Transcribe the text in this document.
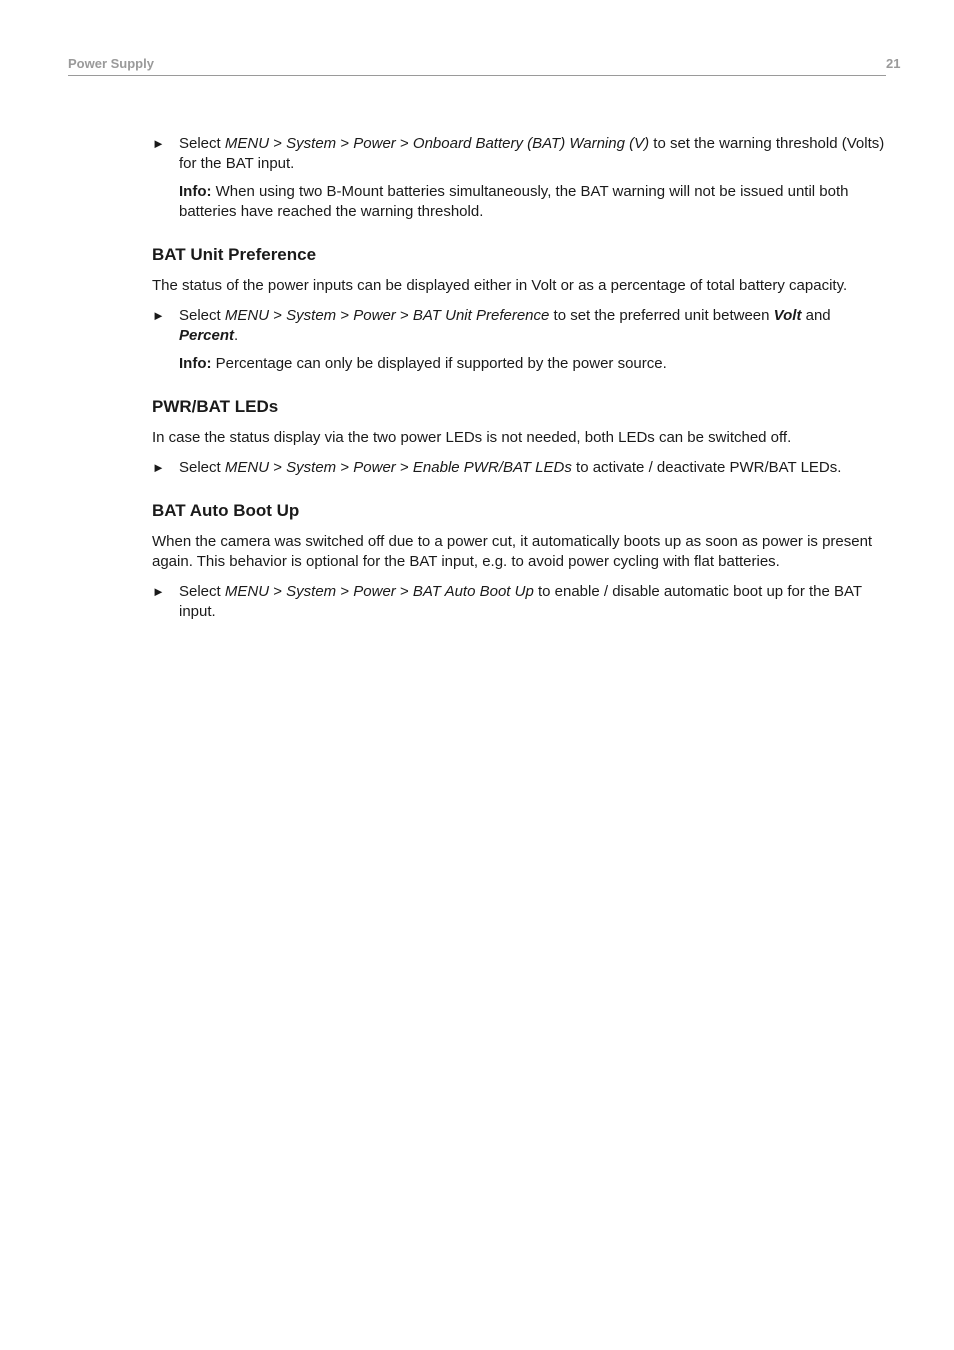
Power Supply	21
► Select MENU > System > Power > Onboard Battery (BAT) Warning (V) to set the warning threshold (Volts) for the BAT input.
Info: When using two B-Mount batteries simultaneously, the BAT warning will not be issued until both batteries have reached the warning threshold.
BAT Unit Preference

The status of the power inputs can be displayed either in Volt or as a percentage of total battery capacity.

► Select MENU > System > Power > BAT Unit Preference to set the preferred unit between Volt and Percent.
Info: Percentage can only be displayed if supported by the power source.
PWR/BAT LEDs

In case the status display via the two power LEDs is not needed, both LEDs can be switched off.

► Select MENU > System > Power > Enable PWR/BAT LEDs to activate / deactivate PWR/BAT LEDs.
BAT Auto Boot Up

When the camera was switched off due to a power cut, it automatically boots up as soon as power is present again. This behavior is optional for the BAT input, e.g. to avoid power cycling with flat batteries.

► Select MENU > System > Power > BAT Auto Boot Up to enable / disable automatic boot up for the BAT input.
